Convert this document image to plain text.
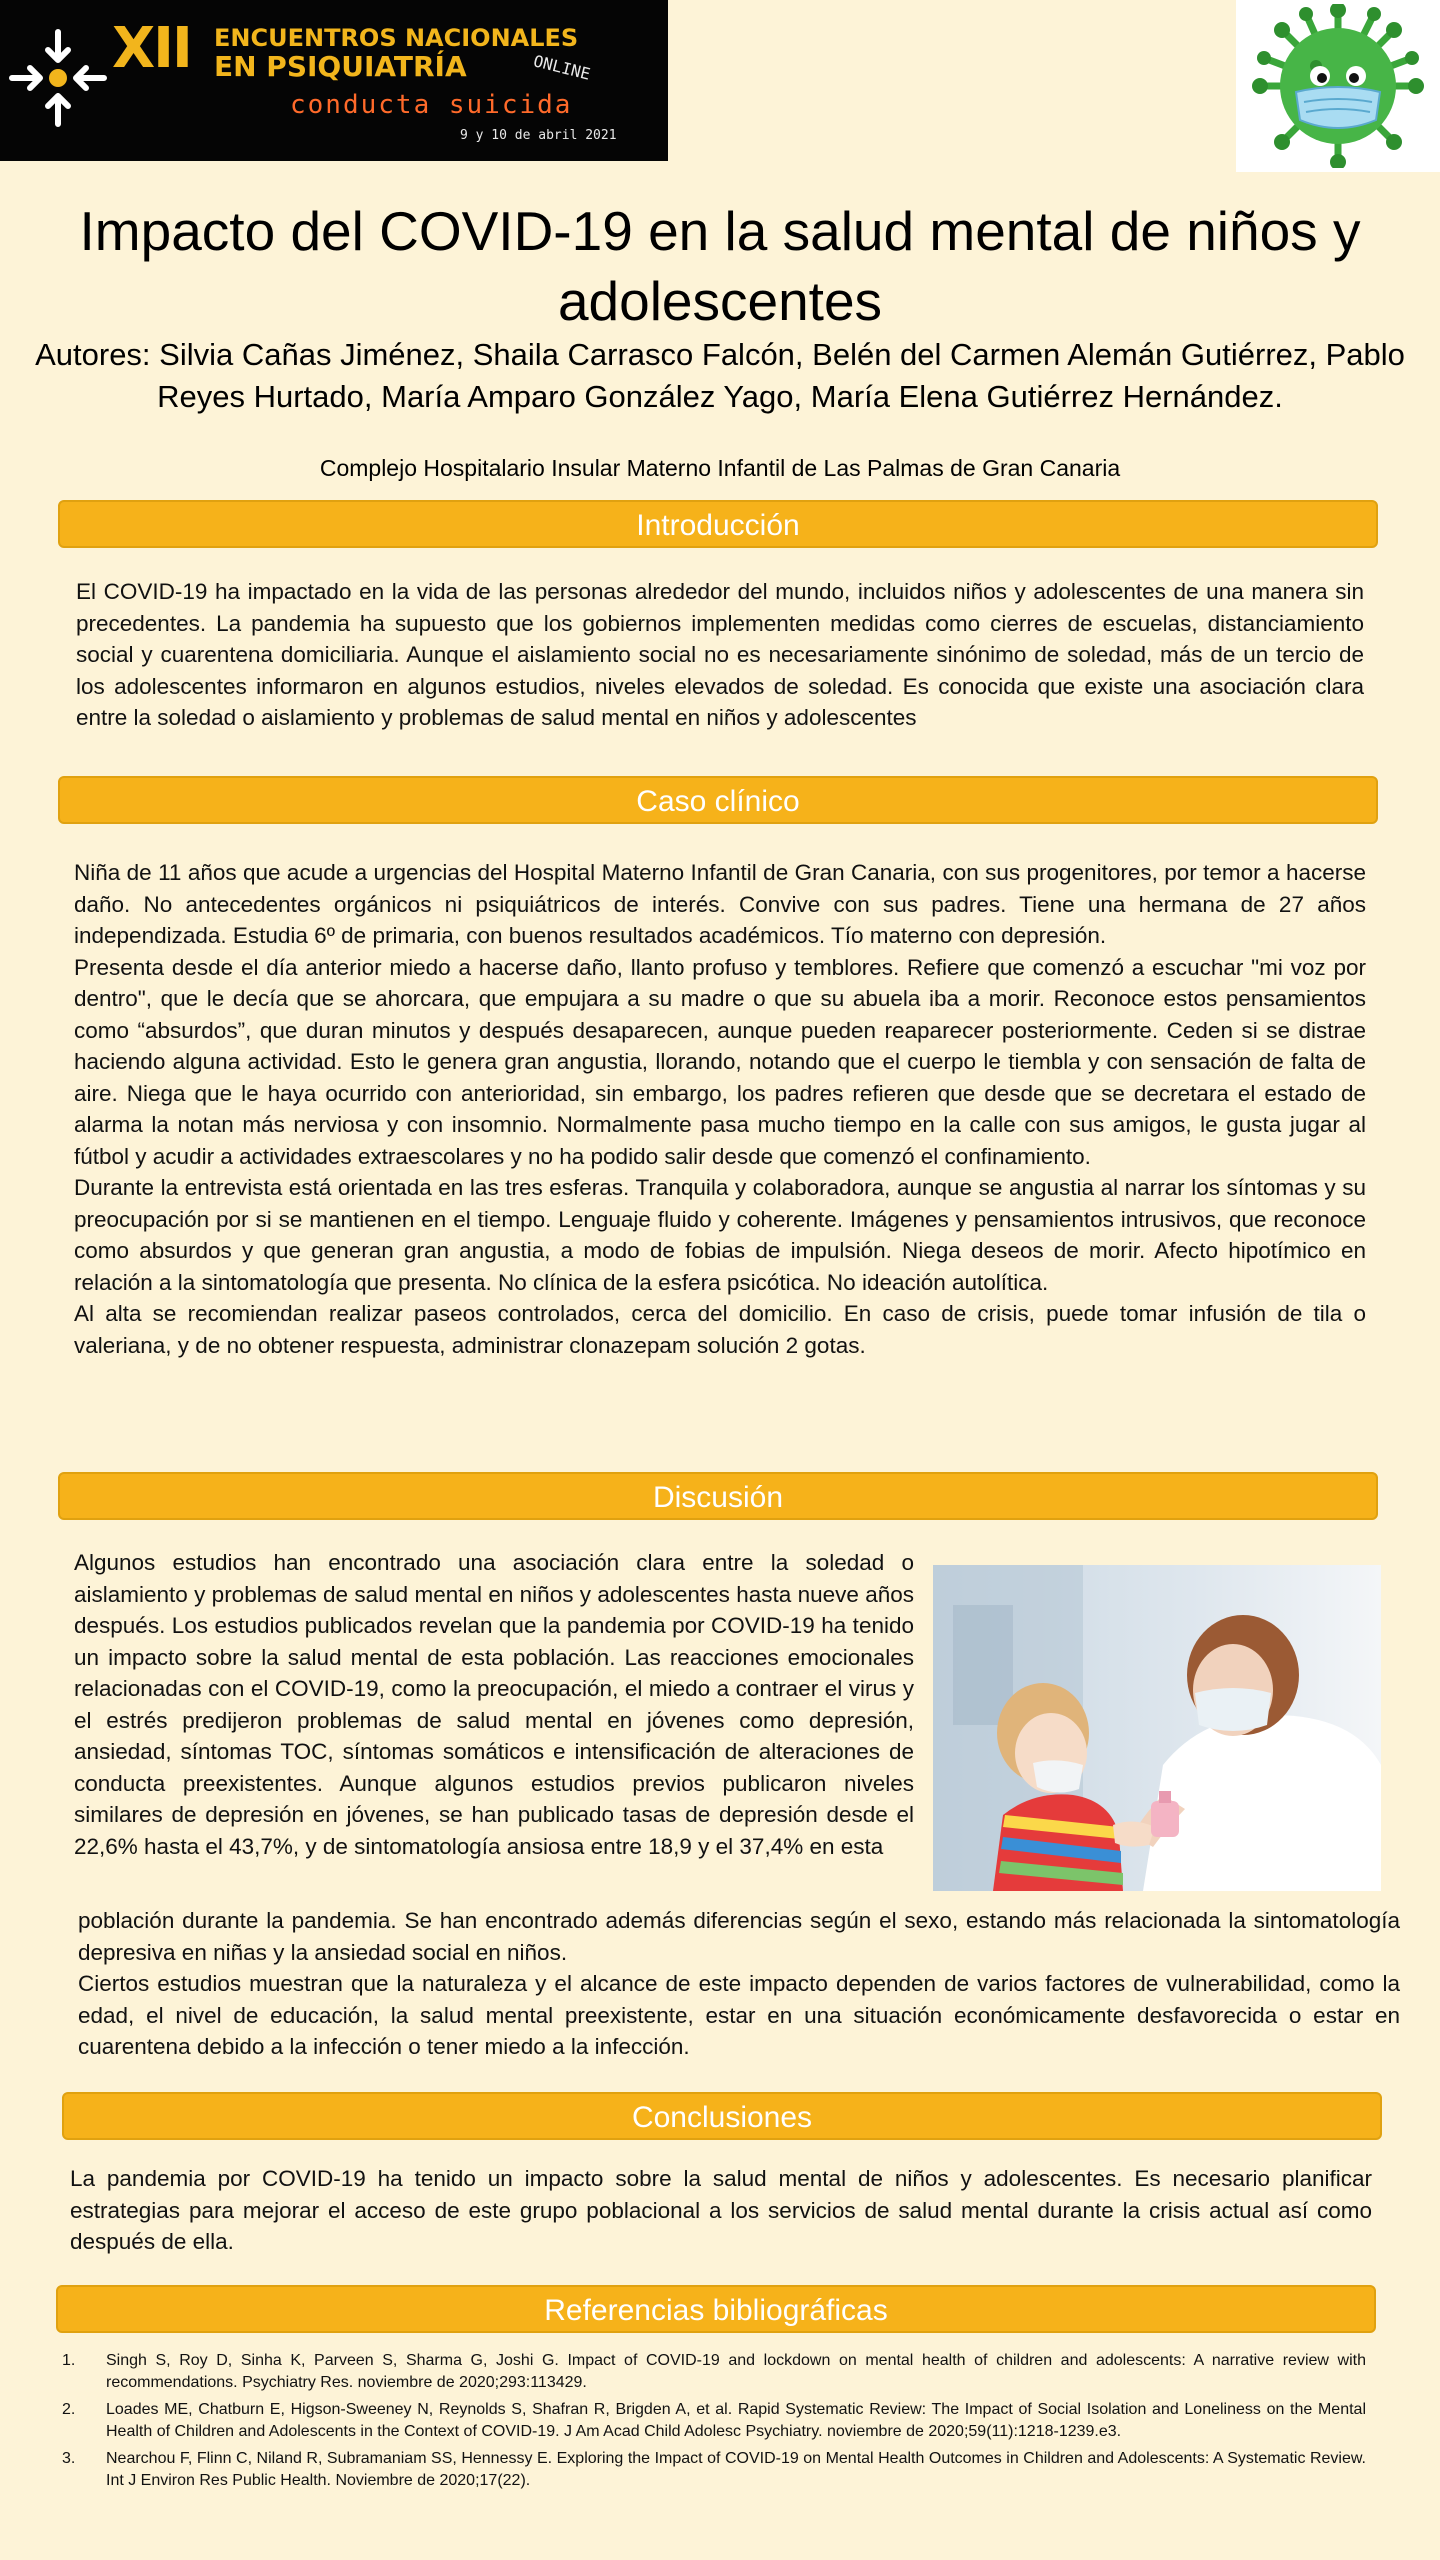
XII ENCUENTROS NACIONALES
EN PSIQUIATRÍA	ONLINE
conducta suicida
9 y 10 de abril 2021
Impacto del COVID-19 en la salud mental de niños y adolescentes
Autores: Silvia Cañas Jiménez, Shaila Carrasco Falcón, Belén del Carmen Alemán Gutiérrez, Pablo Reyes Hurtado, María Amparo González Yago, María Elena Gutiérrez Hernández.
Complejo Hospitalario Insular Materno Infantil de Las Palmas de Gran Canaria
Introducción

El COVID-19 ha impactado en la vida de las personas alrededor del mundo, incluidos niños y adolescentes de una manera sin precedentes. La pandemia ha supuesto que los gobiernos implementen medidas como cierres de escuelas, distanciamiento social y cuarentena domiciliaria. Aunque el aislamiento social no es necesariamente sinónimo de soledad, más de un tercio de los adolescentes informaron en algunos estudios, niveles elevados de soledad. Es conocida que existe una asociación clara entre la soledad o aislamiento y problemas de salud mental en niños y adolescentes

Caso clínico

Niña de 11 años que acude a urgencias del Hospital Materno Infantil de Gran Canaria, con sus progenitores, por temor a hacerse daño. No antecedentes orgánicos ni psiquiátricos de interés. Convive con sus padres. Tiene una hermana de 27 años independizada. Estudia 6º de primaria, con buenos resultados académicos. Tío materno con depresión.

Presenta desde el día anterior miedo a hacerse daño, llanto profuso y temblores. Refiere que comenzó a escuchar "mi voz por dentro", que le decía que se ahorcara, que empujara a su madre o que su abuela iba a morir. Reconoce estos pensamientos como “absurdos”, que duran minutos y después desaparecen, aunque pueden reaparecer posteriormente. Ceden si se distrae haciendo alguna actividad. Esto le genera gran angustia, llorando, notando que el cuerpo le tiembla y con sensación de falta de aire. Niega que le haya ocurrido con anterioridad, sin embargo, los padres refieren que desde que se decretara el estado de alarma la notan más nerviosa y con insomnio. Normalmente pasa mucho tiempo en la calle con sus amigos, le gusta jugar al fútbol y acudir a actividades extraescolares y no ha podido salir desde que comenzó el confinamiento.

Durante la entrevista está orientada en las tres esferas. Tranquila y colaboradora, aunque se angustia al narrar los síntomas y su preocupación por si se mantienen en el tiempo. Lenguaje fluido y coherente. Imágenes y pensamientos intrusivos, que reconoce como absurdos y que generan gran angustia, a modo de fobias de impulsión. Niega deseos de morir. Afecto hipotímico en relación a la sintomatología que presenta. No clínica de la esfera psicótica. No ideación autolítica.

Al alta se recomiendan realizar paseos controlados, cerca del domicilio. En caso de crisis, puede tomar infusión de tila o valeriana, y de no obtener respuesta, administrar clonazepam solución 2 gotas.

Discusión

Algunos estudios han encontrado una asociación clara entre la soledad o aislamiento y problemas de salud mental en niños y adolescentes hasta nueve años después. Los estudios publicados revelan que la pandemia por COVID-19 ha tenido un impacto sobre la salud mental de esta población. Las reacciones emocionales relacionadas con el COVID-19, como la preocupación, el miedo a contraer el virus y el estrés predijeron problemas de salud mental en jóvenes como depresión, ansiedad, síntomas TOC, síntomas somáticos e intensificación de alteraciones de conducta preexistentes. Aunque algunos estudios previos publicaron niveles similares de depresión en jóvenes, se han publicado tasas de depresión desde el 22,6% hasta el 43,7%, y de sintomatología ansiosa entre 18,9 y el 37,4% en esta

población durante la pandemia. Se han encontrado además diferencias según el sexo, estando más relacionada la sintomatología depresiva en niñas y la ansiedad social en niños.

Ciertos estudios muestran que la naturaleza y el alcance de este impacto dependen de varios factores de vulnerabilidad, como la edad, el nivel de educación, la salud mental preexistente, estar en una situación económicamente desfavorecida o estar en cuarentena debido a la infección o tener miedo a la infección.

Conclusiones

La pandemia por COVID-19 ha tenido un impacto sobre la salud mental de niños y adolescentes. Es necesario planificar estrategias para mejorar el acceso de este grupo poblacional a los servicios de salud mental durante la crisis actual así como después de ella.

Referencias bibliográficas
1. Singh S, Roy D, Sinha K, Parveen S, Sharma G, Joshi G. Impact of COVID-19 and lockdown on mental health of children and adolescents: A narrative review with recommendations. Psychiatry Res. noviembre de 2020;293:113429.
2. Loades ME, Chatburn E, Higson-Sweeney N, Reynolds S, Shafran R, Brigden A, et al. Rapid Systematic Review: The Impact of Social Isolation and Loneliness on the Mental Health of Children and Adolescents in the Context of COVID-19. J Am Acad Child Adolesc Psychiatry. noviembre de 2020;59(11):1218-1239.e3.
3. Nearchou F, Flinn C, Niland R, Subramaniam SS, Hennessy E. Exploring the Impact of COVID-19 on Mental Health Outcomes in Children and Adolescents: A Systematic Review. Int J Environ Res Public Health. Noviembre de 2020;17(22).
